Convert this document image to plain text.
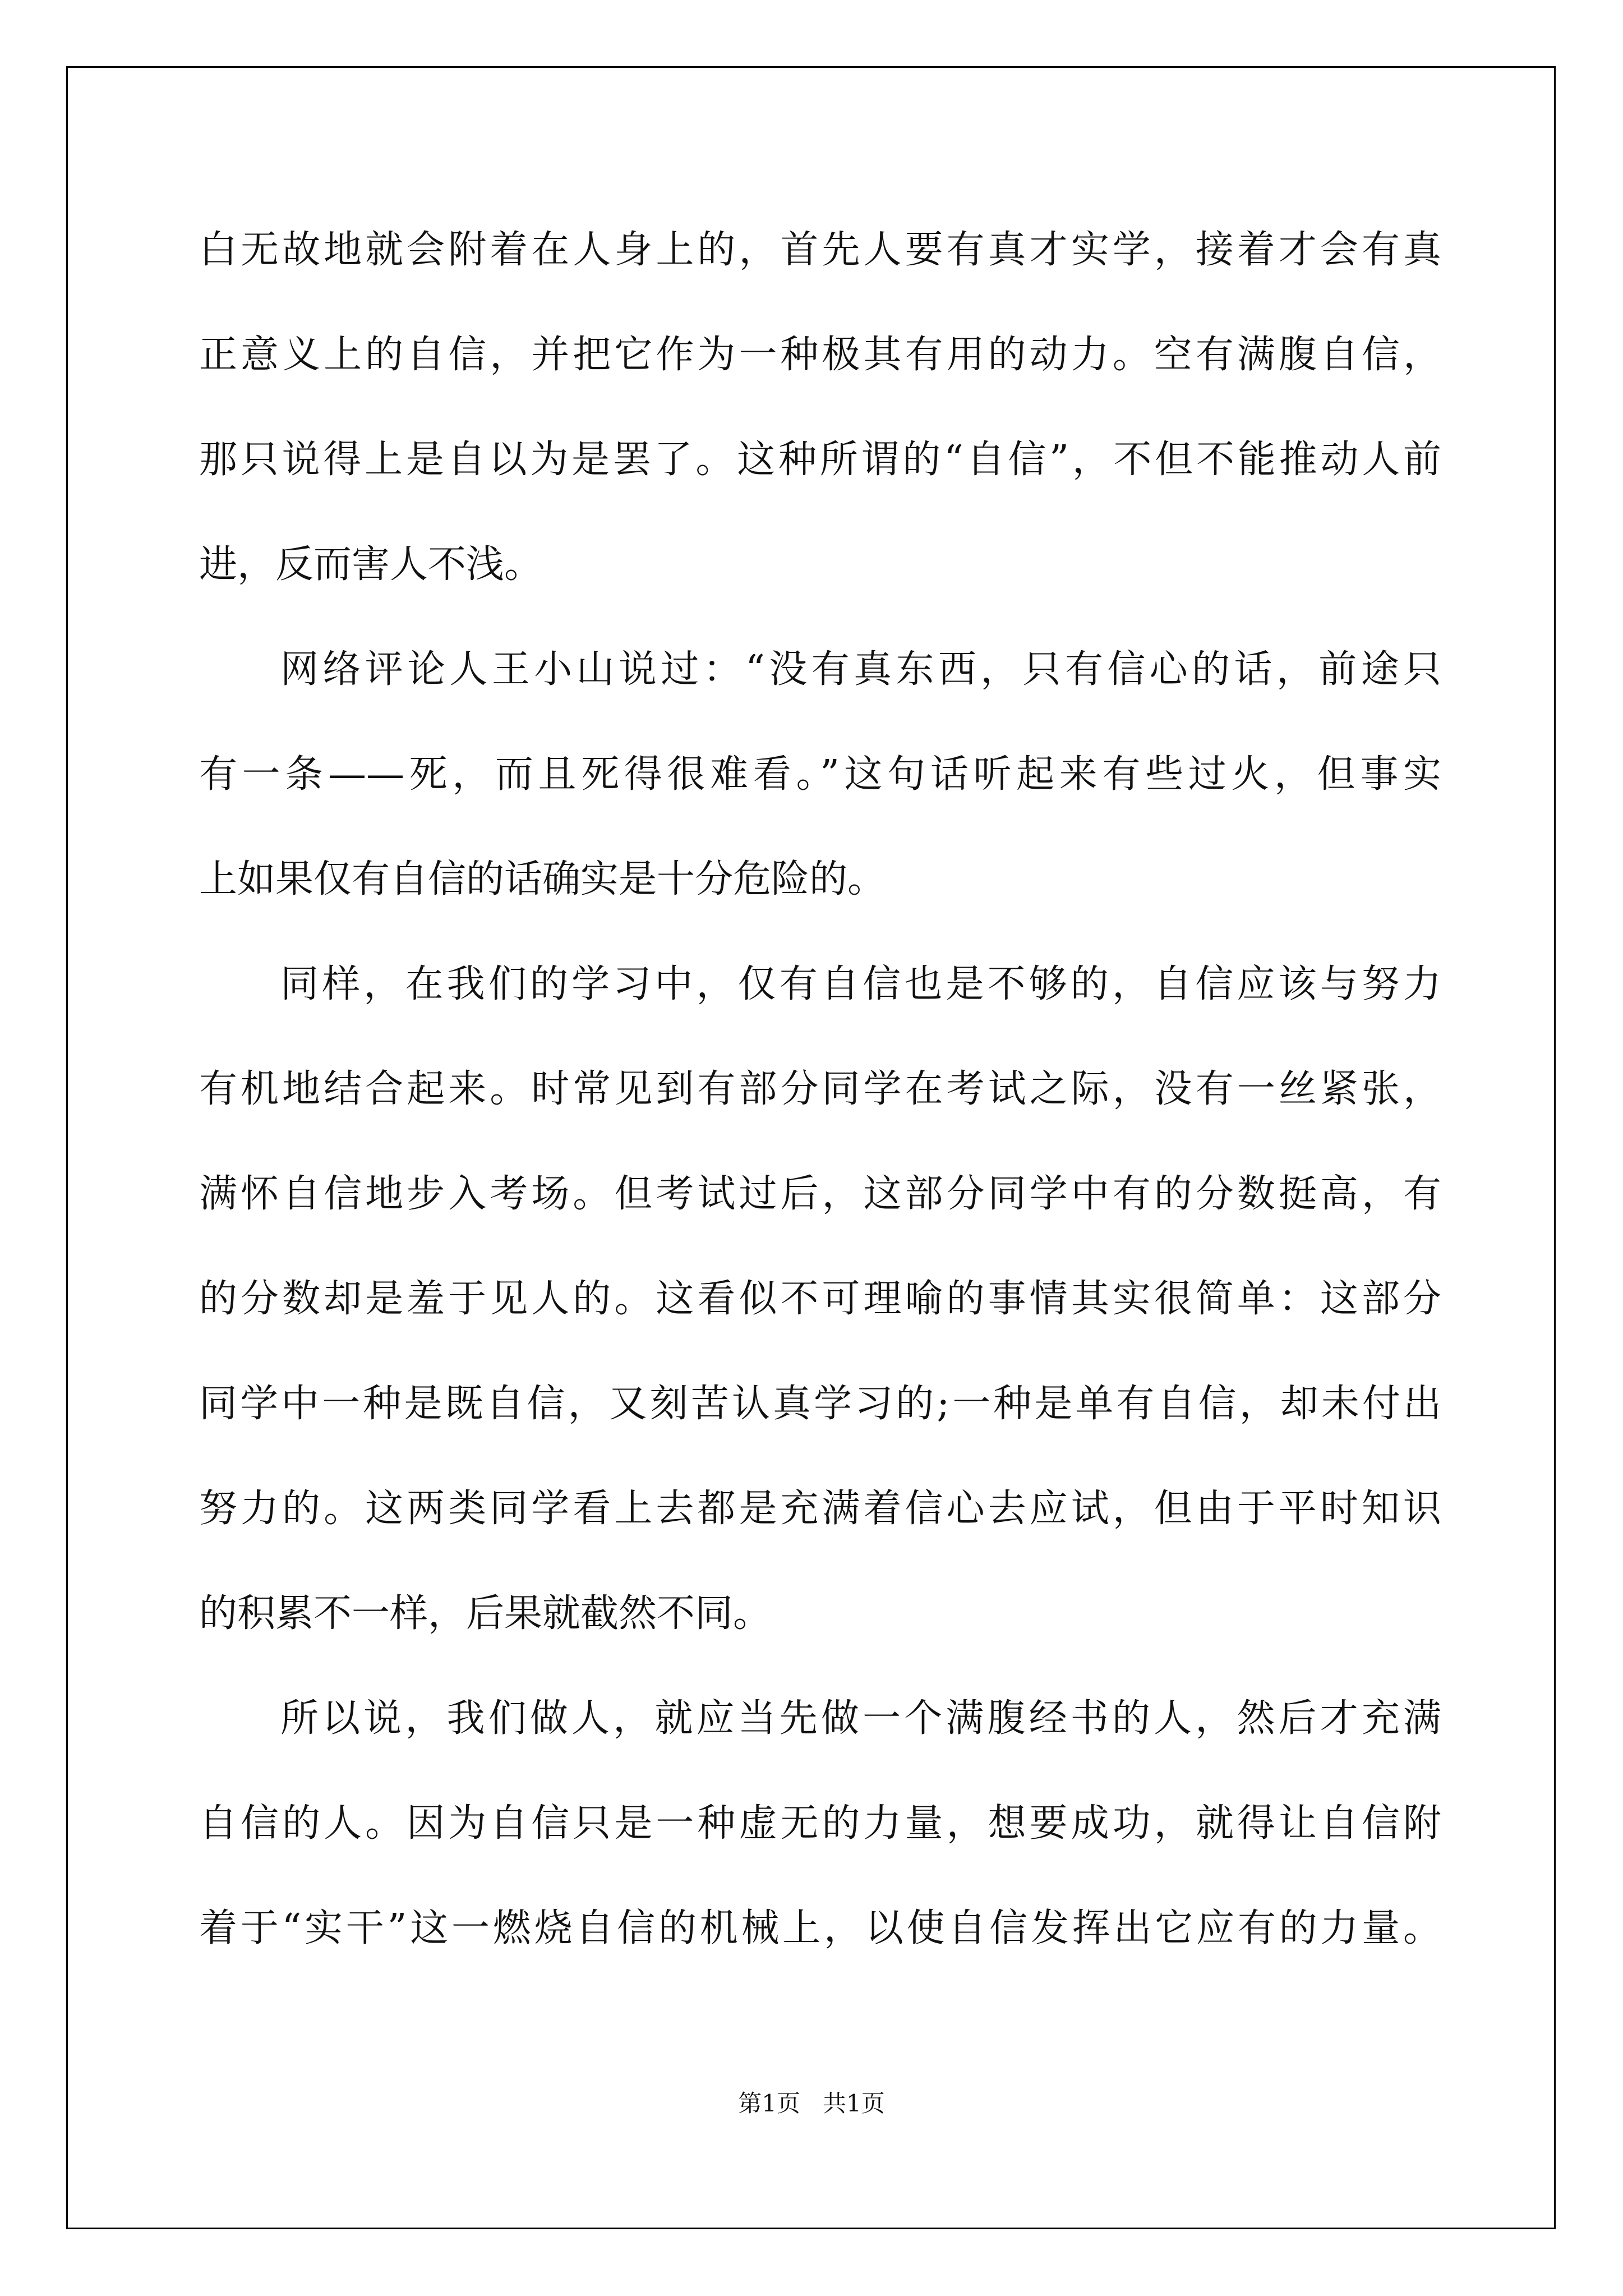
白无故地就会附着在人身上的，首先人要有真才实学，接着才会有真

正意义上的自信，并把它作为一种极其有用的动力。空有满腹自信，

那只说得上是自以为是罢了。这种所谓的“自信”，不但不能推动人前

进，反而害人不浅。

网络评论人王小山说过：“没有真东西，只有信心的话，前途只

有一条——死，而且死得很难看。”这句话听起来有些过火，但事实

上如果仅有自信的话确实是十分危险的。

同样，在我们的学习中，仅有自信也是不够的，自信应该与努力

有机地结合起来。时常见到有部分同学在考试之际，没有一丝紧张，

满怀自信地步入考场。但考试过后，这部分同学中有的分数挺高，有

的分数却是羞于见人的。这看似不可理喻的事情其实很简单：这部分

同学中一种是既自信，又刻苦认真学习的;一种是单有自信，却未付出

努力的。这两类同学看上去都是充满着信心去应试，但由于平时知识

的积累不一样，后果就截然不同。

所以说，我们做人，就应当先做一个满腹经书的人，然后才充满

自信的人。因为自信只是一种虚无的力量，想要成功，就得让自信附

着于“实干”这一燃烧自信的机械上，以使自信发挥出它应有的力量。

第1页 共1页
